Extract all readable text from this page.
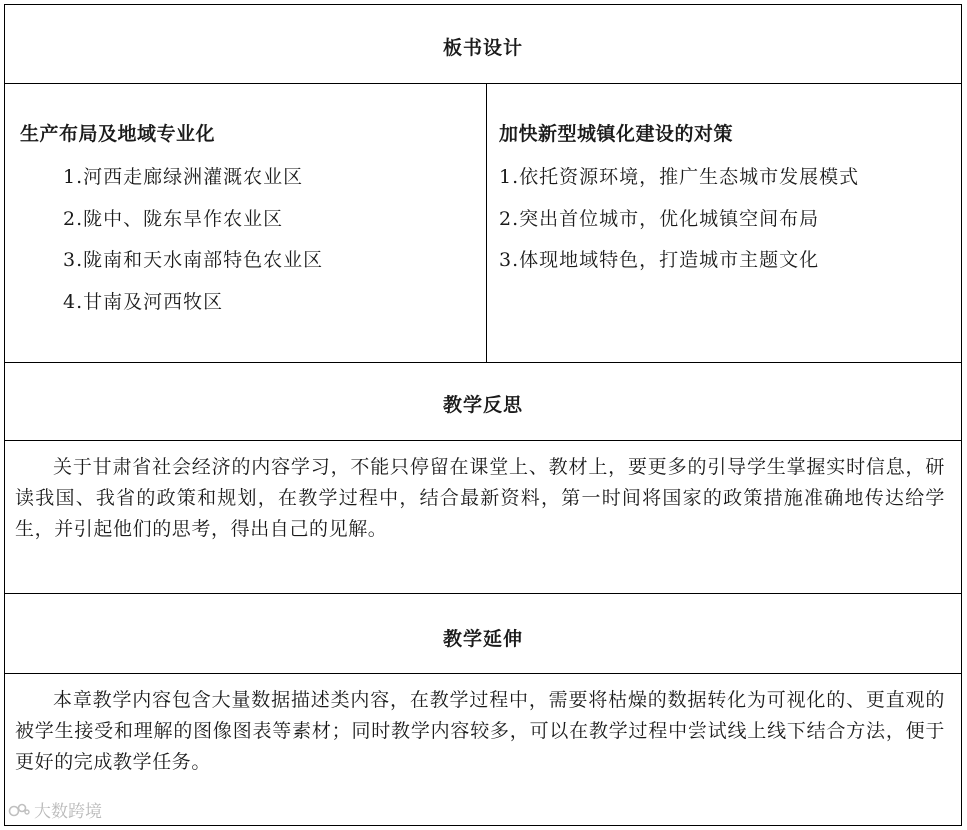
板书设计
生产布局及地域专业化
1.河西走廊绿洲灌溉农业区
2.陇中、陇东旱作农业区
3.陇南和天水南部特色农业区
4.甘南及河西牧区
加快新型城镇化建设的对策
1.依托资源环境，推广生态城市发展模式
2.突出首位城市，优化城镇空间布局
3.体现地域特色，打造城市主题文化
教学反思

关于甘肃省社会经济的内容学习，不能只停留在课堂上、教材上，要更多的引导学生掌握实时信息，研读我国、我省的政策和规划，在教学过程中，结合最新资料，第一时间将国家的政策措施准确地传达给学生，并引起他们的思考，得出自己的见解。

教学延伸

本章教学内容包含大量数据描述类内容，在教学过程中，需要将枯燥的数据转化为可视化的、更直观的被学生接受和理解的图像图表等素材；同时教学内容较多，可以在教学过程中尝试线上线下结合方法，便于更好的完成教学任务。

大数跨境
